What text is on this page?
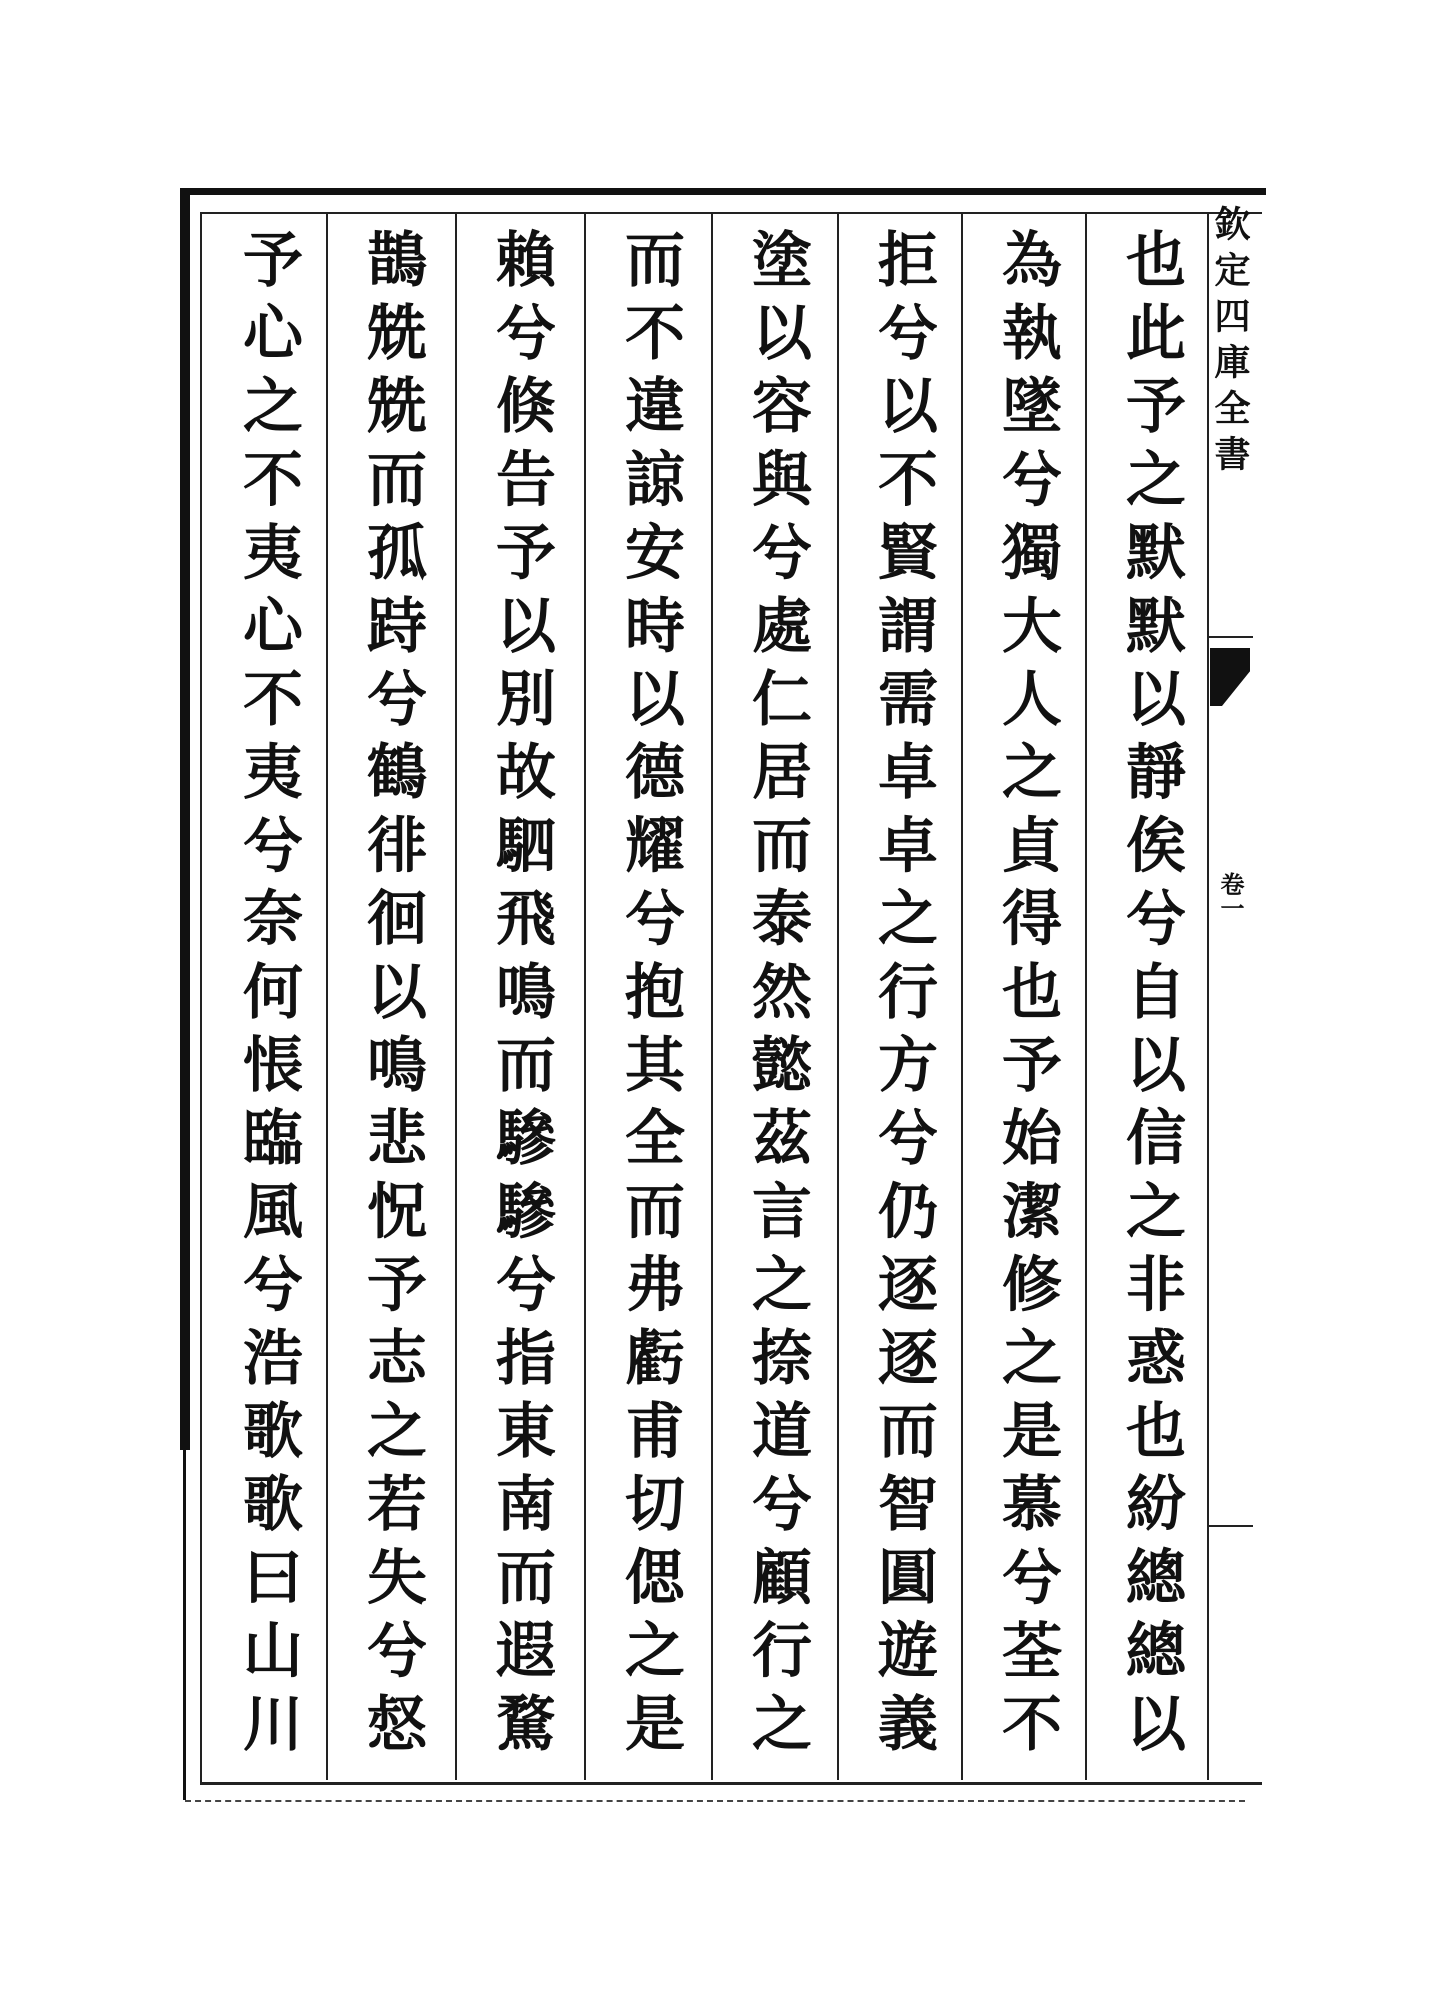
也此予之默默以靜俟兮自以信之非惑也紛總總以
為執墜兮獨大人之貞得也予始潔修之是慕兮荃不
拒兮以不賢謂需卓卓之行方兮仍逐逐而智圓遊義
塗以容與兮處仁居而泰然懿茲言之捺道兮顧行之
而不違諒安時以德耀兮抱其全而弗虧甫切偲之是
賴兮倏告予以別故駟飛鳴而驂驂兮指東南而遐騖
鵲兟兟而孤跱兮鶴徘徊以鳴悲怳予志之若失兮惄
予心之不夷心不夷兮奈何悵臨風兮浩歌歌曰山川	欽定四庫全書
卷一
